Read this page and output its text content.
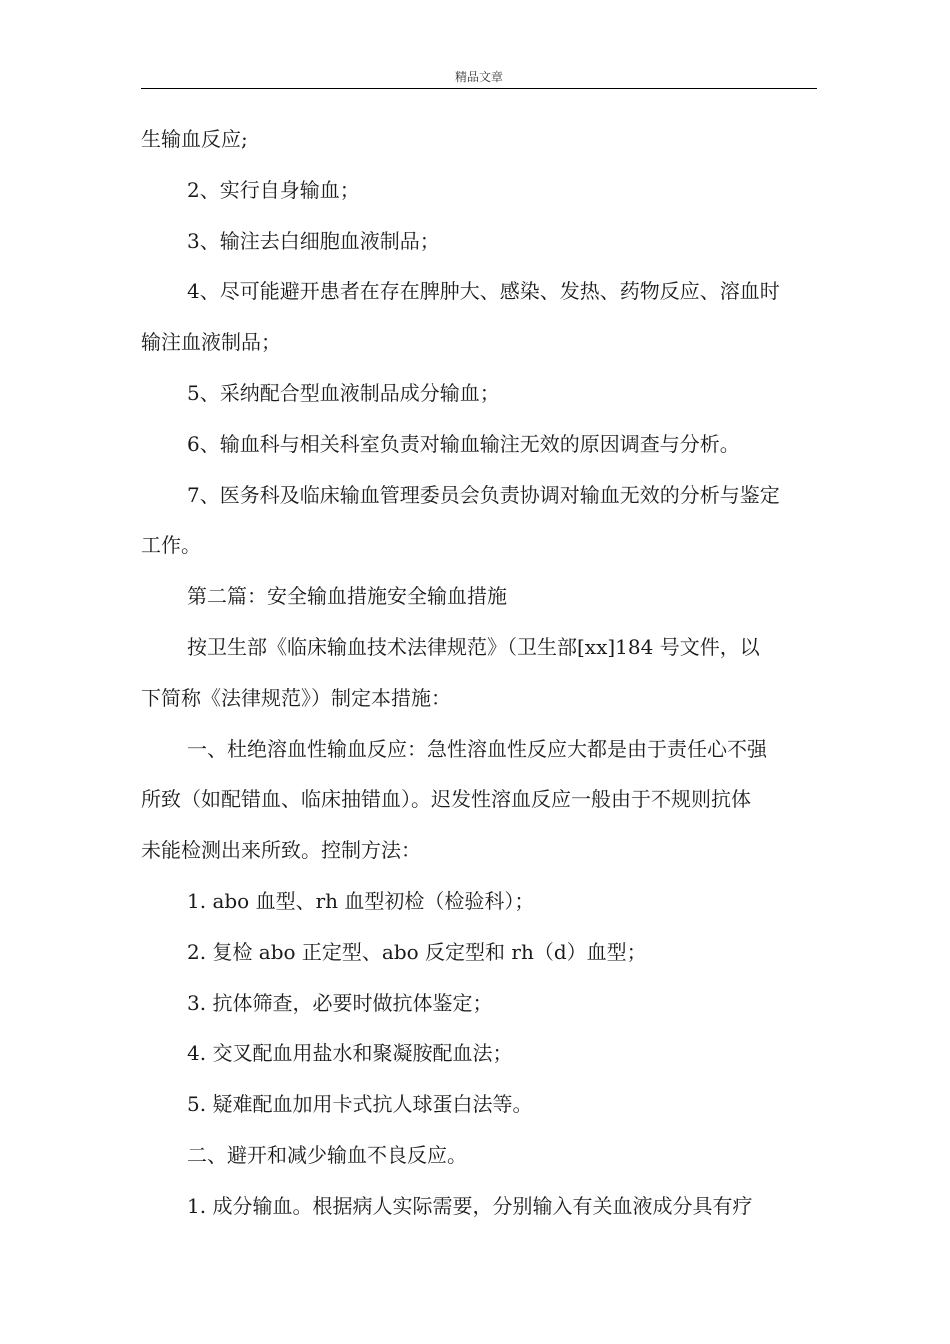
精品文章
生输血反应;
2、实行自身输血；
3、输注去白细胞血液制品；
4、尽可能避开患者在存在脾肿大、感染、发热、药物反应、溶血时
输注血液制品；
5、采纳配合型血液制品成分输血；
6、输血科与相关科室负责对输血输注无效的原因调查与分析。
7、医务科及临床输血管理委员会负责协调对输血无效的分析与鉴定
工作。
第二篇：安全输血措施安全输血措施
按卫生部《临床输血技术法律规范》（卫生部[xx]184 号文件，以
下简称《法律规范》）制定本措施：
一、杜绝溶血性输血反应：急性溶血性反应大都是由于责任心不强
所致（如配错血、临床抽错血）。迟发性溶血反应一般由于不规则抗体
未能检测出来所致。控制方法：
1. abo 血型、rh 血型初检（检验科）；
2. 复检 abo 正定型、abo 反定型和 rh（d）血型；
3. 抗体筛查，必要时做抗体鉴定；
4. 交叉配血用盐水和聚凝胺配血法；
5. 疑难配血加用卡式抗人球蛋白法等。
二、避开和减少输血不良反应。
1. 成分输血。根据病人实际需要，分别输入有关血液成分具有疗
